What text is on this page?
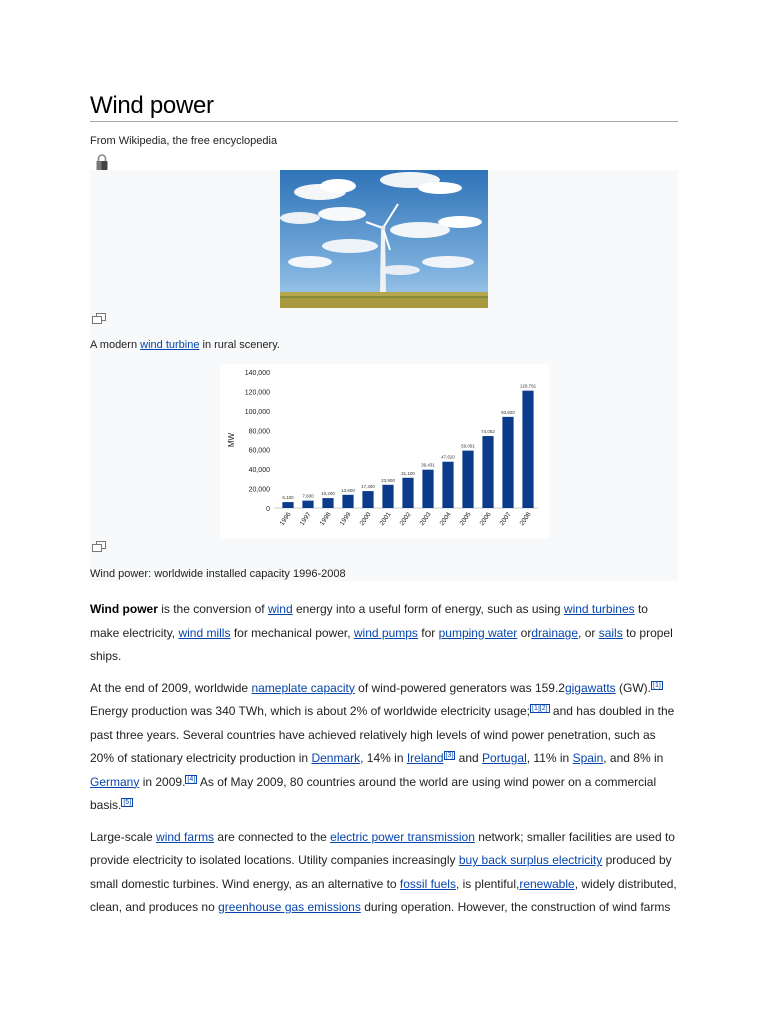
Wind power
From Wikipedia, the free encyclopedia
A modern wind turbine in rural scenery.
0
20,000
40,000
60,000
80,000
100,000
120,000
140,000
MW
6,100
1996
7,600
1997
10,200
1998
13,600
1999
17,400
2000
23,900
2001
31,100
2002
39,431
2003
47,620
2004
59,091
2005
74,052
2006
93,820
2007
120,791
2008
Wind power: worldwide installed capacity 1996-2008

Wind power is the conversion of wind energy into a useful form of energy, such as using wind turbines to make electricity, wind mills for mechanical power, wind pumps for pumping water ordrainage, or sails to propel ships.

At the end of 2009, worldwide nameplate capacity of wind-powered generators was 159.2gigawatts (GW). [1] Energy production was 340 TWh, which is about 2% of worldwide electricity usage; [1][2] and has doubled in the past three years. Several countries have achieved relatively high levels of wind power penetration, such as 20% of stationary electricity production in Denmark, 14% in Ireland [3] and Portugal, 11% in Spain, and 8% in Germany in 2009. [4] As of May 2009, 80 countries around the world are using wind power on a commercial basis. [5]

Large-scale wind farms are connected to the electric power transmission network; smaller facilities are used to provide electricity to isolated locations. Utility companies increasingly buy back surplus electricity produced by small domestic turbines. Wind energy, as an alternative to fossil fuels, is plentiful,renewable, widely distributed, clean, and produces no greenhouse gas emissions during operation. However, the construction of wind farms
